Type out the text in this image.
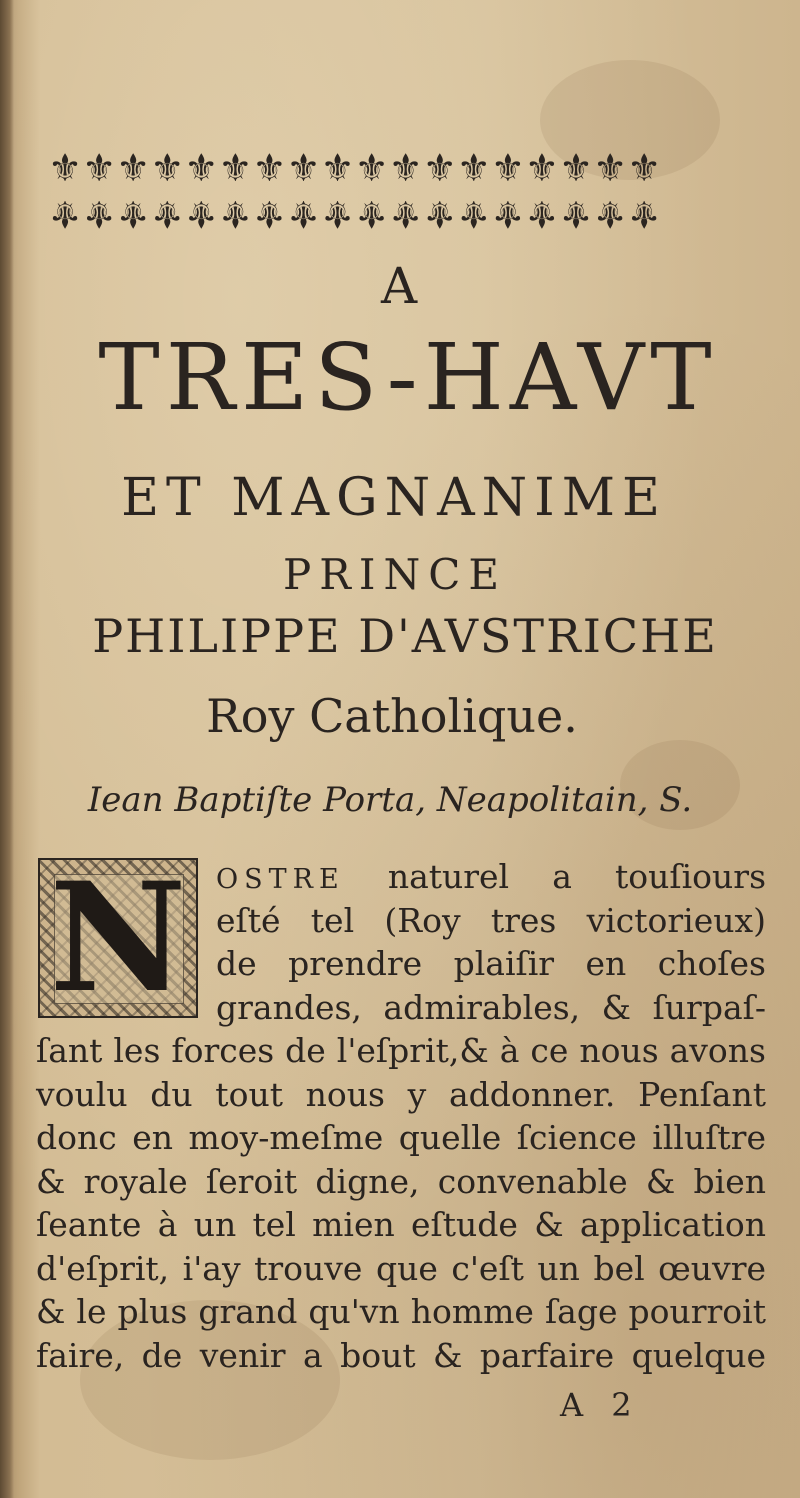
⚜⚜⚜⚜⚜⚜⚜⚜⚜⚜⚜⚜⚜⚜⚜⚜⚜⚜
⚜⚜⚜⚜⚜⚜⚜⚜⚜⚜⚜⚜⚜⚜⚜⚜⚜⚜
A
TRES-HAVT
ET MAGNANIME
PRINCE
PHILIPPE D'AVSTRICHE
Roy Catholique.
Iean Baptiſte Porta, Neapolitain, S.
N	OSTRE naturel a touſiours
eſté tel (Roy tres victorieux)
de prendre plaiſir en choſes
grandes, admirables, & ſurpaſ-
ſant les forces de l'eſprit,& à ce nous avons
voulu du tout nous y addonner. Penſant
donc en moy-meſme quelle ſcience illuſtre
& royale ſeroit digne, convenable & bien
ſeante à un tel mien eſtude & application
d'eſprit, i'ay trouve que c'eſt un bel œuvre
& le plus grand qu'vn homme ſage pourroit
faire, de venir a bout & parfaire quelque
A 2
